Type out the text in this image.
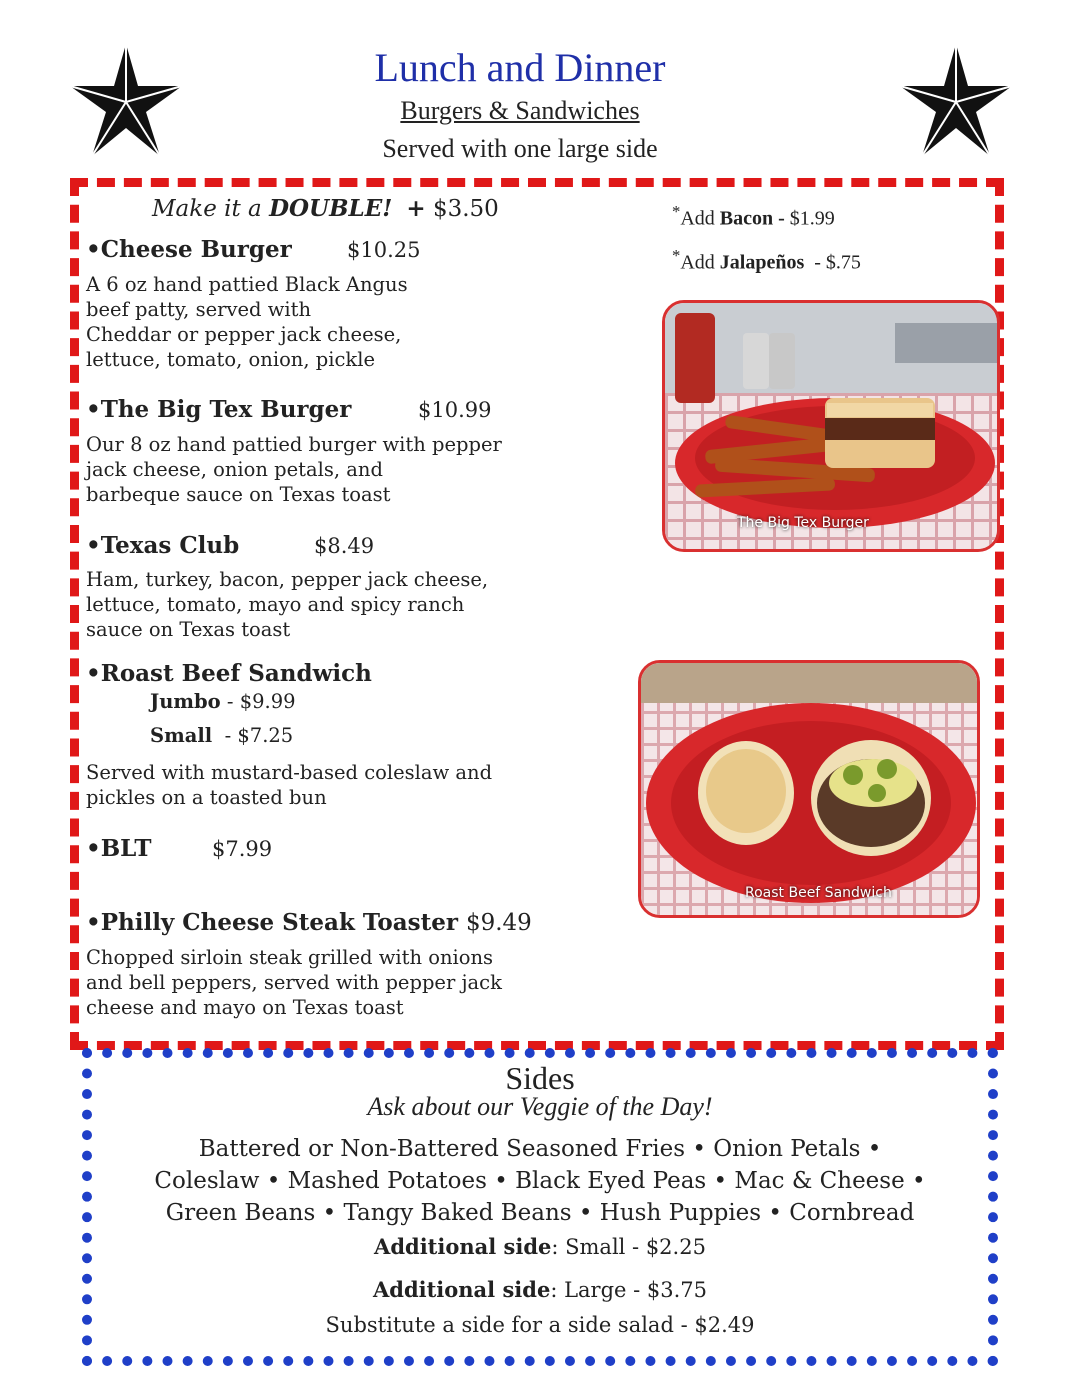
Lunch and Dinner
Burgers & Sandwiches
Served with one large side
Make it a DOUBLE! + $3.50	*Add Bacon - $1.99
*Add Jalapeños - $.75
•Cheese Burger	$10.25
A 6 oz hand pattied Black Angus
beef patty, served with
Cheddar or pepper jack cheese,
lettuce, tomato, onion, pickle
•The Big Tex Burger	$10.99
Our 8 oz hand pattied burger with pepper
jack cheese, onion petals, and
barbeque sauce on Texas toast
•Texas Club	$8.49
Ham, turkey, bacon, pepper jack cheese,
lettuce, tomato, mayo and spicy ranch
sauce on Texas toast
•Roast Beef Sandwich
Jumbo - $9.99
Small - $7.25
Served with mustard-based coleslaw and
pickles on a toasted bun
•BLT	$7.99
•Philly Cheese Steak Toaster $9.49
Chopped sirloin steak grilled with onions
and bell peppers, served with pepper jack
cheese and mayo on Texas toast
The Big Tex Burger
Roast Beef Sandwich
Sides
Ask about our Veggie of the Day!
Battered or Non-Battered Seasoned Fries • Onion Petals •
Coleslaw • Mashed Potatoes • Black Eyed Peas • Mac & Cheese •
Green Beans • Tangy Baked Beans • Hush Puppies • Cornbread
Additional side: Small - $2.25
Additional side: Large - $3.75
Substitute a side for a side salad - $2.49
